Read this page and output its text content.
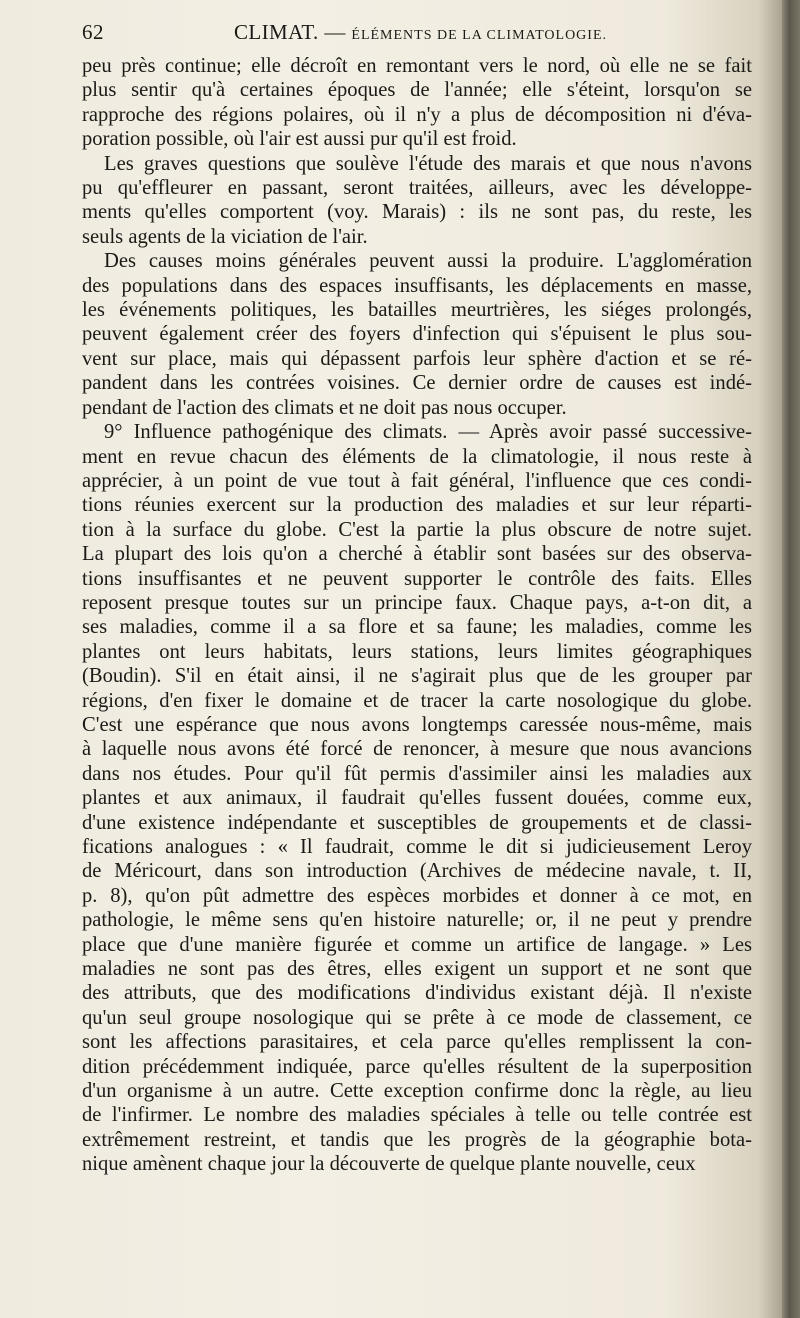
62	CLIMAT. — ÉLÉMENTS DE LA CLIMATOLOGIE.

peu près continue; elle décroît en remontant vers le nord, où elle ne se fait
plus sentir qu'à certaines époques de l'année; elle s'éteint, lorsqu'on se
rapproche des régions polaires, où il n'y a plus de décomposition ni d'éva-
poration possible, où l'air est aussi pur qu'il est froid.

Les graves questions que soulève l'étude des marais et que nous n'avons
pu qu'effleurer en passant, seront traitées, ailleurs, avec les développe-
ments qu'elles comportent (voy. Marais) : ils ne sont pas, du reste, les
seuls agents de la viciation de l'air.

Des causes moins générales peuvent aussi la produire. L'agglomération
des populations dans des espaces insuffisants, les déplacements en masse,
les événements politiques, les batailles meurtrières, les siéges prolongés,
peuvent également créer des foyers d'infection qui s'épuisent le plus sou-
vent sur place, mais qui dépassent parfois leur sphère d'action et se ré-
pandent dans les contrées voisines. Ce dernier ordre de causes est indé-
pendant de l'action des climats et ne doit pas nous occuper.

9° Influence pathogénique des climats. — Après avoir passé successive-
ment en revue chacun des éléments de la climatologie, il nous reste à
apprécier, à un point de vue tout à fait général, l'influence que ces condi-
tions réunies exercent sur la production des maladies et sur leur réparti-
tion à la surface du globe. C'est la partie la plus obscure de notre sujet.
La plupart des lois qu'on a cherché à établir sont basées sur des observa-
tions insuffisantes et ne peuvent supporter le contrôle des faits. Elles
reposent presque toutes sur un principe faux. Chaque pays, a-t-on dit, a
ses maladies, comme il a sa flore et sa faune; les maladies, comme les
plantes ont leurs habitats, leurs stations, leurs limites géographiques
(Boudin). S'il en était ainsi, il ne s'agirait plus que de les grouper par
régions, d'en fixer le domaine et de tracer la carte nosologique du globe.
C'est une espérance que nous avons longtemps caressée nous-même, mais
à laquelle nous avons été forcé de renoncer, à mesure que nous avancions
dans nos études. Pour qu'il fût permis d'assimiler ainsi les maladies aux
plantes et aux animaux, il faudrait qu'elles fussent douées, comme eux,
d'une existence indépendante et susceptibles de groupements et de classi-
fications analogues : « Il faudrait, comme le dit si judicieusement Leroy
de Méricourt, dans son introduction (Archives de médecine navale, t. II,
p. 8), qu'on pût admettre des espèces morbides et donner à ce mot, en
pathologie, le même sens qu'en histoire naturelle; or, il ne peut y prendre
place que d'une manière figurée et comme un artifice de langage. » Les
maladies ne sont pas des êtres, elles exigent un support et ne sont que
des attributs, que des modifications d'individus existant déjà. Il n'existe
qu'un seul groupe nosologique qui se prête à ce mode de classement, ce
sont les affections parasitaires, et cela parce qu'elles remplissent la con-
dition précédemment indiquée, parce qu'elles résultent de la superposition
d'un organisme à un autre. Cette exception confirme donc la règle, au lieu
de l'infirmer. Le nombre des maladies spéciales à telle ou telle contrée est
extrêmement restreint, et tandis que les progrès de la géographie bota-
nique amènent chaque jour la découverte de quelque plante nouvelle, ceux
